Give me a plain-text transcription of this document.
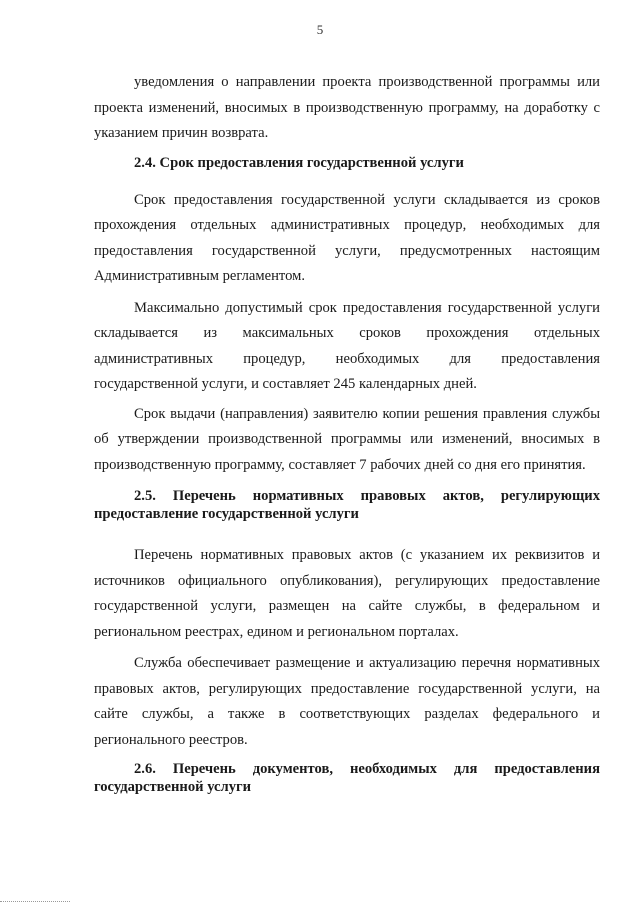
5

уведомления о направлении проекта производственной программы или проекта изменений, вносимых в производственную программу, на доработку с указанием причин возврата.

2.4. Срок предоставления государственной услуги

Срок предоставления государственной услуги складывается из сроков прохождения отдельных административных процедур, необходимых для предоставления государственной услуги, предусмотренных настоящим Административным регламентом.

Максимально допустимый срок предоставления государственной услуги складывается из максимальных сроков прохождения отдельных административных процедур, необходимых для предоставления государственной услуги, и составляет 245 календарных дней.

Срок выдачи (направления) заявителю копии решения правления службы об утверждении производственной программы или изменений, вносимых в производственную программу, составляет 7 рабочих дней со дня его принятия.

2.5. Перечень нормативных правовых актов, регулирующих предоставление государственной услуги

Перечень нормативных правовых актов (с указанием их реквизитов и источников официального опубликования), регулирующих предоставление государственной услуги, размещен на сайте службы, в федеральном и региональном реестрах, едином и региональном порталах.

Служба обеспечивает размещение и актуализацию перечня нормативных правовых актов, регулирующих предоставление государственной услуги, на сайте службы, а также в соответствующих разделах федерального и регионального реестров.

2.6. Перечень документов, необходимых для предоставления государственной услуги
